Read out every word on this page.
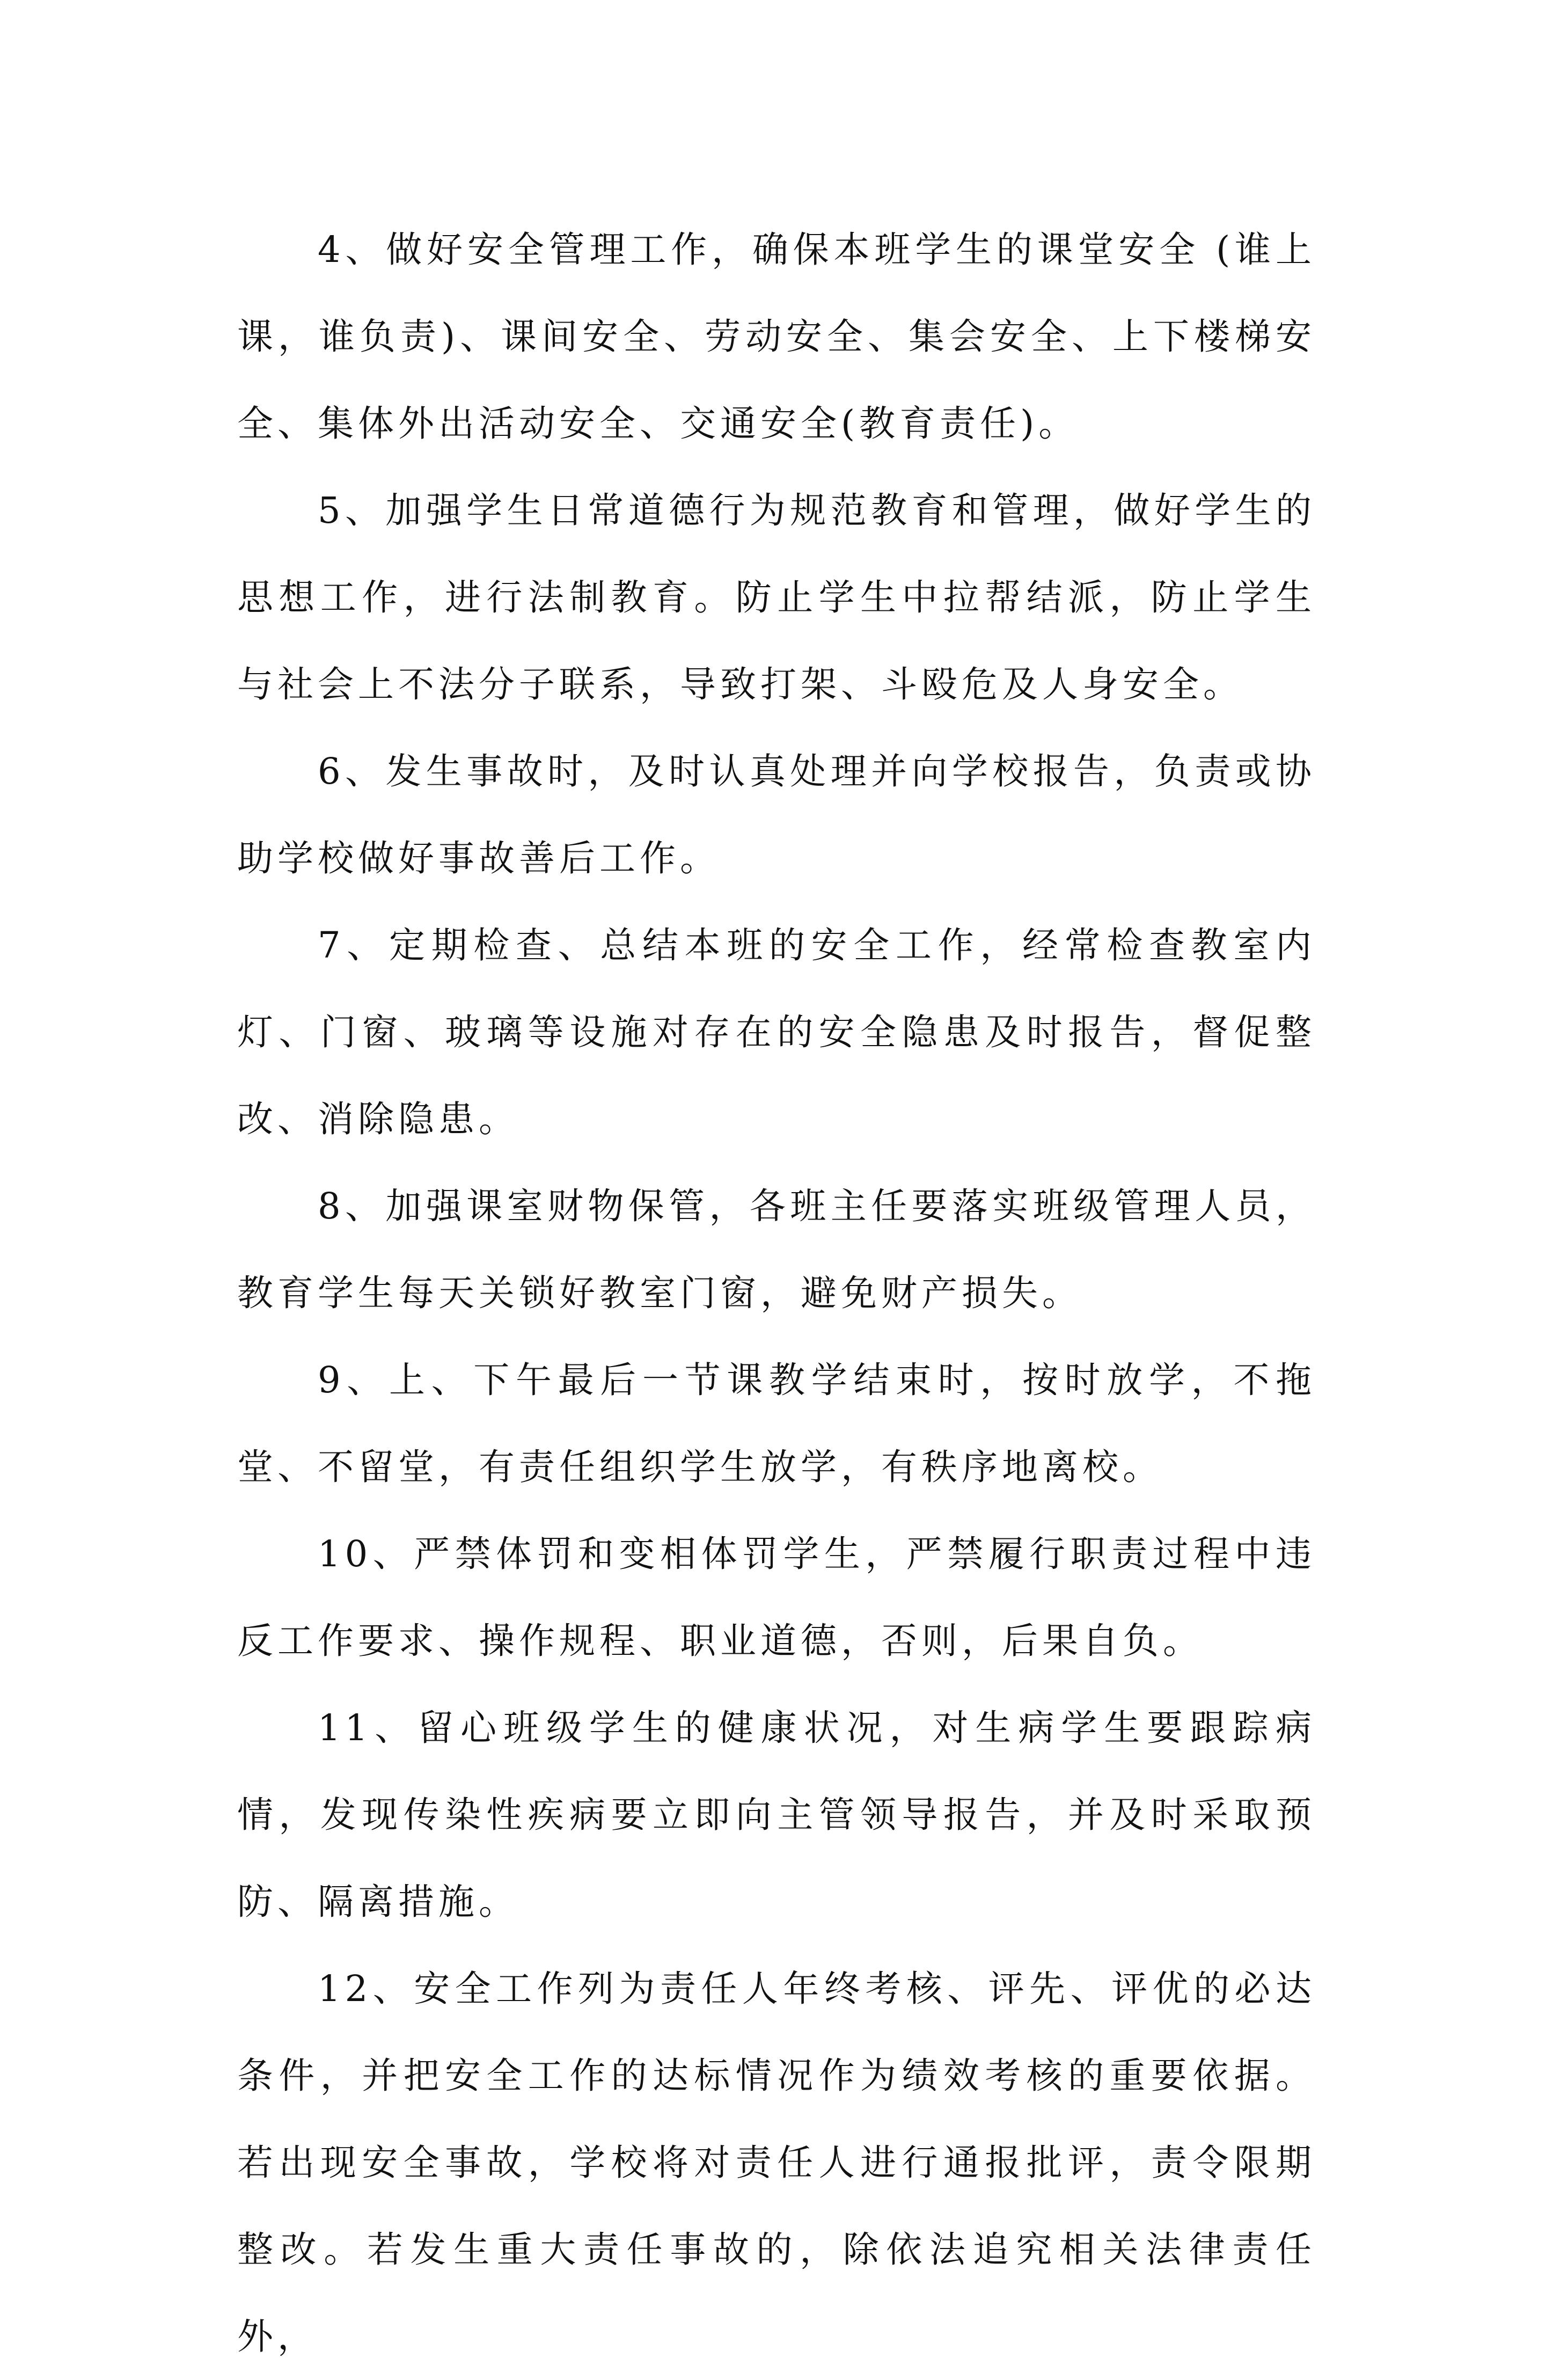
4、做好安全管理工作，确保本班学生的课堂安全 (谁上课，谁负责)、课间安全、劳动安全、集会安全、上下楼梯安全、集体外出活动安全、交通安全(教育责任)。

5、加强学生日常道德行为规范教育和管理，做好学生的思想工作，进行法制教育。防止学生中拉帮结派，防止学生与社会上不法分子联系，导致打架、斗殴危及人身安全。

6、发生事故时，及时认真处理并向学校报告，负责或协助学校做好事故善后工作。

7、定期检查、总结本班的安全工作，经常检查教室内灯、门窗、玻璃等设施对存在的安全隐患及时报告，督促整改、消除隐患。

8、加强课室财物保管，各班主任要落实班级管理人员，教育学生每天关锁好教室门窗，避免财产损失。

9、上、下午最后一节课教学结束时，按时放学，不拖堂、不留堂，有责任组织学生放学，有秩序地离校。

10、严禁体罚和变相体罚学生，严禁履行职责过程中违反工作要求、操作规程、职业道德，否则，后果自负。

11、留心班级学生的健康状况，对生病学生要跟踪病情，发现传染性疾病要立即向主管领导报告，并及时采取预防、隔离措施。

12、安全工作列为责任人年终考核、评先、评优的必达条件，并把安全工作的达标情况作为绩效考核的重要依据。若出现安全事故，学校将对责任人进行通报批评，责令限期整改。若发生重大责任事故的，除依法追究相关法律责任外，
